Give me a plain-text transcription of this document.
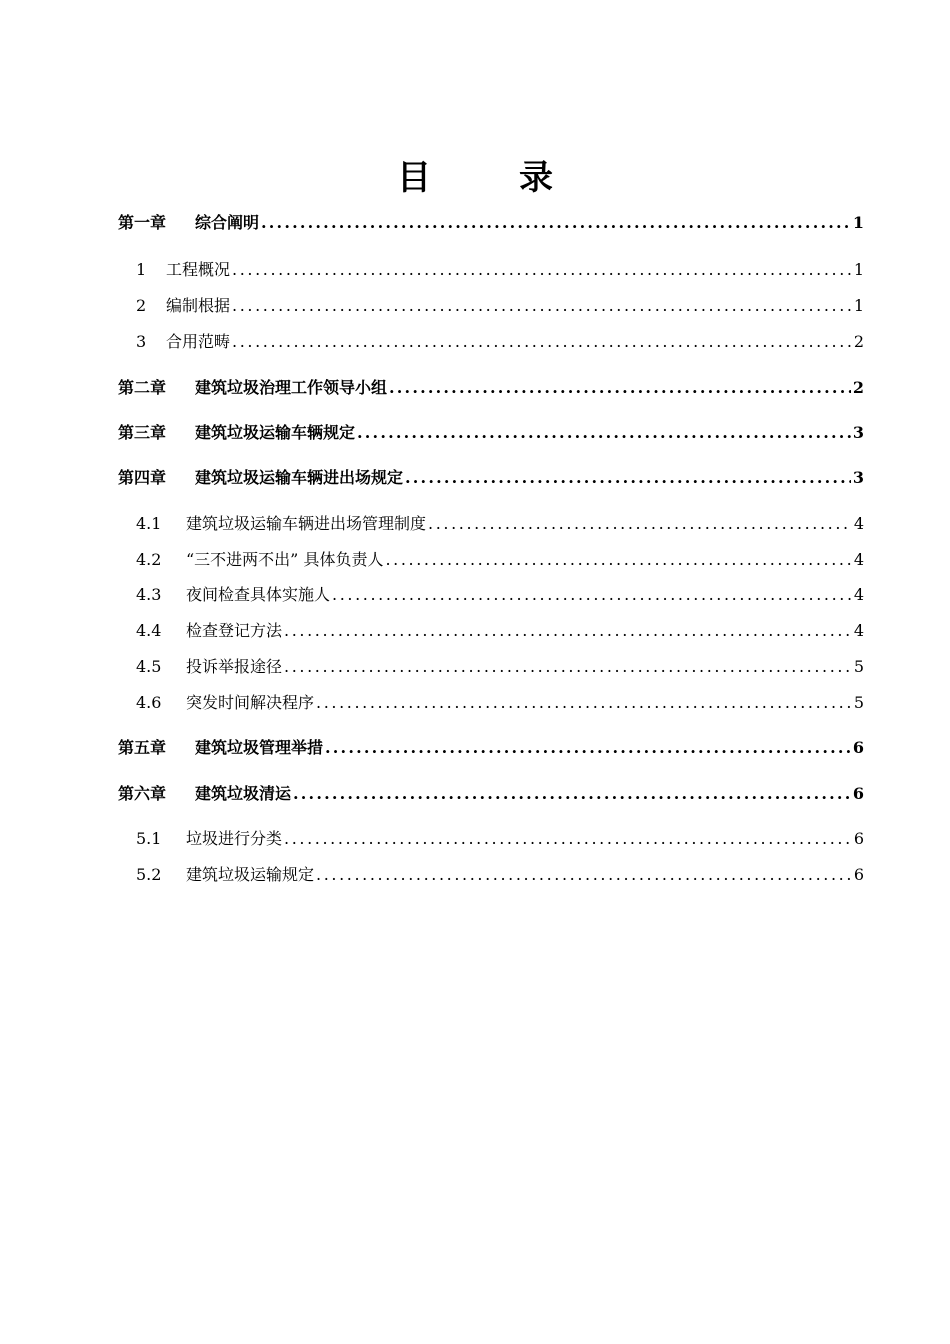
目	录
第一章	综合阐明 .....	1
1	工程概况 .....	1
2	编制根据 .....	1
3	合用范畴 .....	2
第二章	建筑垃圾治理工作领导小组 .....	2
第三章	建筑垃圾运输车辆规定 .....	3
第四章	建筑垃圾运输车辆进出场规定 .....	3
4.1	建筑垃圾运输车辆进出场管理制度 .....	4
4.2	“三不进两不出” 具体负责人 .....	4
4.3	夜间检查具体实施人 .....	4
4.4	检查登记方法 .....	4
4.5	投诉举报途径 .....	5
4.6	突发时间解决程序 .....	5
第五章	建筑垃圾管理举措 .....	6
第六章	建筑垃圾清运 .....	6
5.1	垃圾进行分类 .....	6
5.2	建筑垃圾运输规定 .....	6
